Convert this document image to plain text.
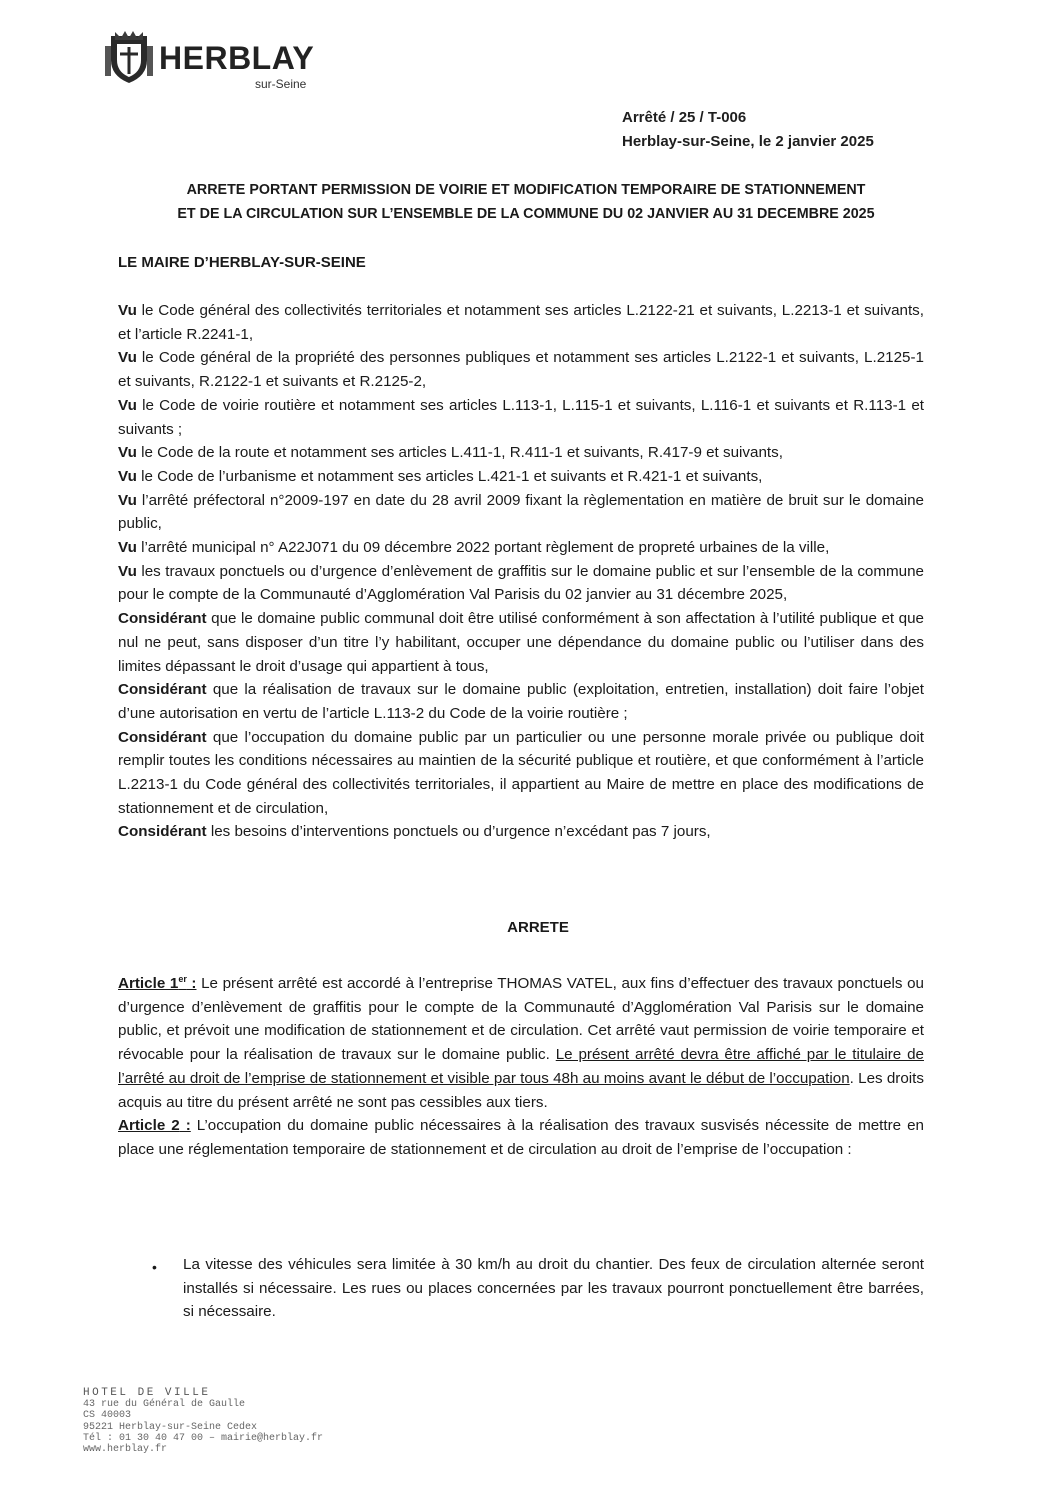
HERBLAY
sur-Seine
Arrêté / 25 / T-006
Herblay-sur-Seine, le 2 janvier 2025
ARRETE PORTANT PERMISSION DE VOIRIE ET MODIFICATION TEMPORAIRE DE STATIONNEMENT
ET DE LA CIRCULATION SUR L’ENSEMBLE DE LA COMMUNE DU 02 JANVIER AU 31 DECEMBRE 2025
LE MAIRE D’HERBLAY-SUR-SEINE

Vu le Code général des collectivités territoriales et notamment ses articles L.2122-21 et suivants, L.2213-1 et suivants, et l’article R.2241-1,

Vu le Code général de la propriété des personnes publiques et notamment ses articles L.2122-1 et suivants, L.2125-1 et suivants, R.2122-1 et suivants et R.2125-2,

Vu le Code de voirie routière et notamment ses articles L.113-1, L.115-1 et suivants, L.116-1 et suivants et R.113-1 et suivants ;

Vu le Code de la route et notamment ses articles L.411-1, R.411-1 et suivants, R.417-9 et suivants,

Vu le Code de l’urbanisme et notamment ses articles L.421-1 et suivants et R.421-1 et suivants,

Vu l’arrêté préfectoral n°2009-197 en date du 28 avril 2009 fixant la règlementation en matière de bruit sur le domaine public,

Vu l’arrêté municipal n° A22J071 du 09 décembre 2022 portant règlement de propreté urbaines de la ville,

Vu les travaux ponctuels ou d’urgence d’enlèvement de graffitis sur le domaine public et sur l’ensemble de la commune pour le compte de la Communauté d’Agglomération Val Parisis du 02 janvier au 31 décembre 2025,

Considérant que le domaine public communal doit être utilisé conformément à son affectation à l’utilité publique et que nul ne peut, sans disposer d’un titre l’y habilitant, occuper une dépendance du domaine public ou l’utiliser dans des limites dépassant le droit d’usage qui appartient à tous,

Considérant que la réalisation de travaux sur le domaine public (exploitation, entretien, installation) doit faire l’objet d’une autorisation en vertu de l’article L.113-2 du Code de la voirie routière ;

Considérant que l’occupation du domaine public par un particulier ou une personne morale privée ou publique doit remplir toutes les conditions nécessaires au maintien de la sécurité publique et routière, et que conformément à l’article L.2213-1 du Code général des collectivités territoriales, il appartient au Maire de mettre en place des modifications de stationnement et de circulation,

Considérant les besoins d’interventions ponctuels ou d’urgence n’excédant pas 7 jours,

ARRETE

Article 1er : Le présent arrêté est accordé à l’entreprise THOMAS VATEL, aux fins d’effectuer des travaux ponctuels ou d’urgence d’enlèvement de graffitis pour le compte de la Communauté d’Agglomération Val Parisis sur le domaine public, et prévoit une modification de stationnement et de circulation. Cet arrêté vaut permission de voirie temporaire et révocable pour la réalisation de travaux sur le domaine public. Le présent arrêté devra être affiché par le titulaire de l’arrêté au droit de l’emprise de stationnement et visible par tous 48h au moins avant le début de l’occupation. Les droits acquis au titre du présent arrêté ne sont pas cessibles aux tiers.

Article 2 : L’occupation du domaine public nécessaires à la réalisation des travaux susvisés nécessite de mettre en place une réglementation temporaire de stationnement et de circulation au droit de l’emprise de l’occupation :

• La vitesse des véhicules sera limitée à 30 km/h au droit du chantier. Des feux de circulation alternée seront installés si nécessaire. Les rues ou places concernées par les travaux pourront ponctuellement être barrées, si nécessaire.
HOTEL DE VILLE
43 rue du Général de Gaulle
CS 40003
95221 Herblay-sur-Seine Cedex
Tél : 01 30 40 47 00 – mairie@herblay.fr
www.herblay.fr
